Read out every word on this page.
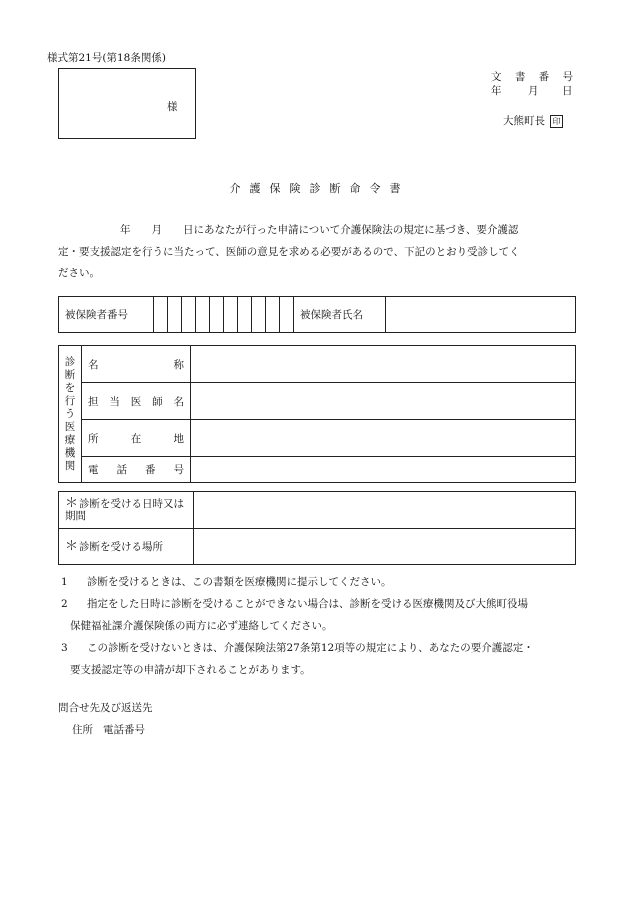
様式第21号(第18条関係)
様
文書番号
年	月 日
大熊町長 印
介護保険診断命令書
年　　月　　日にあなたが行った申請について介護保険法の規定に基づき、要介護認
定・要支援認定を行うに当たって、医師の意見を求める必要があるので、下記のとおり受診してく
ださい。
被保険者番号											被保険者氏名	
診断を行う医療機関	名称	
	担当医師名	
	所在地	
	電話番号	
＊診断を受ける日時又は期間	
＊診断を受ける場所	
1 診断を受けるときは、この書類を医療機関に提示してください。
2 指定をした日時に診断を受けることができない場合は、診断を受ける医療機関及び大熊町役場
保健福祉課介護保険係の両方に必ず連絡してください。
3 この診断を受けないときは、介護保険法第27条第12項等の規定により、あなたの要介護認定・
要支援認定等の申請が却下されることがあります。
問合せ先及び返送先
住所 電話番号
